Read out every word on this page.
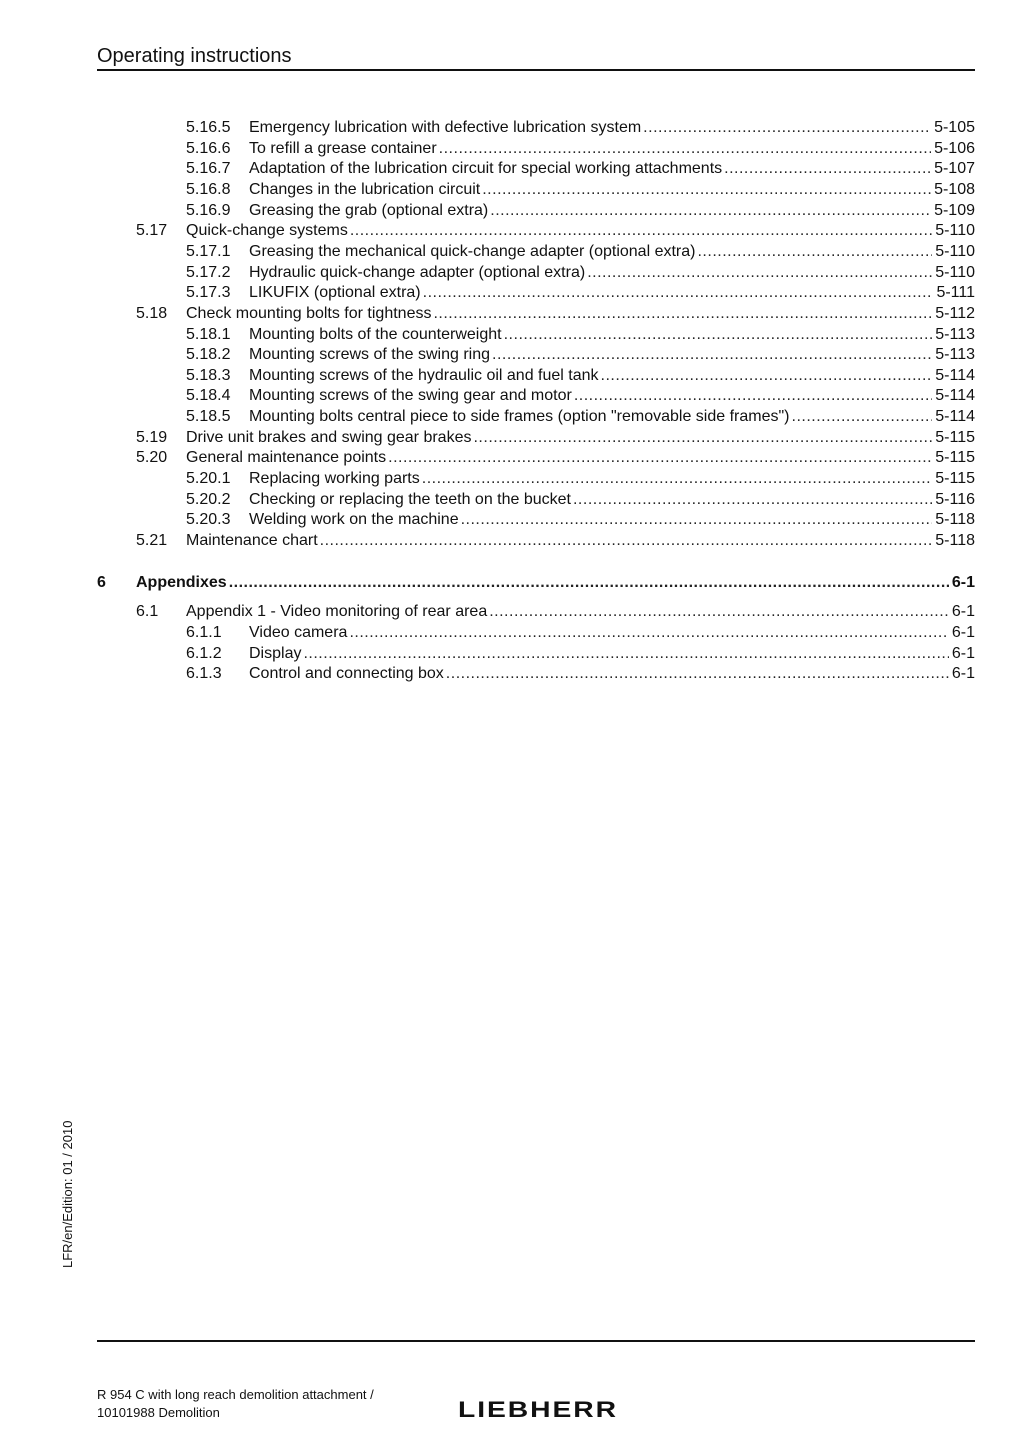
Operating instructions
5.16.5 Emergency lubrication with defective lubrication system .....	5-105
5.16.6 To refill a grease container .....	5-106
5.16.7 Adaptation of the lubrication circuit for special working attachments .....	5-107
5.16.8 Changes in the lubrication circuit .....	5-108
5.16.9 Greasing the grab (optional extra) .....	5-109
5.17 Quick-change systems .....	5-110
5.17.1 Greasing the mechanical quick-change adapter (optional extra) .....	5-110
5.17.2 Hydraulic quick-change adapter (optional extra) .....	5-110
5.17.3 LIKUFIX (optional extra) .....	5-111
5.18 Check mounting bolts for tightness .....	5-112
5.18.1 Mounting bolts of the counterweight .....	5-113
5.18.2 Mounting screws of the swing ring .....	5-113
5.18.3 Mounting screws of the hydraulic oil and fuel tank .....	5-114
5.18.4 Mounting screws of the swing gear and motor .....	5-114
5.18.5 Mounting bolts central piece to side frames (option "removable side frames") .....	5-114
5.19 Drive unit brakes and swing gear brakes .....	5-115
5.20 General maintenance points .....	5-115
5.20.1 Replacing working parts .....	5-115
5.20.2 Checking or replacing the teeth on the bucket .....	5-116
5.20.3 Welding work on the machine .....	5-118
5.21 Maintenance chart .....	5-118
6 Appendixes .....	6-1
6.1 Appendix 1 - Video monitoring of rear area .....	6-1
6.1.1 Video camera .....	6-1
6.1.2 Display .....	6-1
6.1.3 Control and connecting box .....	6-1
LFR/en/Edition: 01 / 2010
R 954 C with long reach demolition attachment /
10101988 Demolition	LIEBHERR
